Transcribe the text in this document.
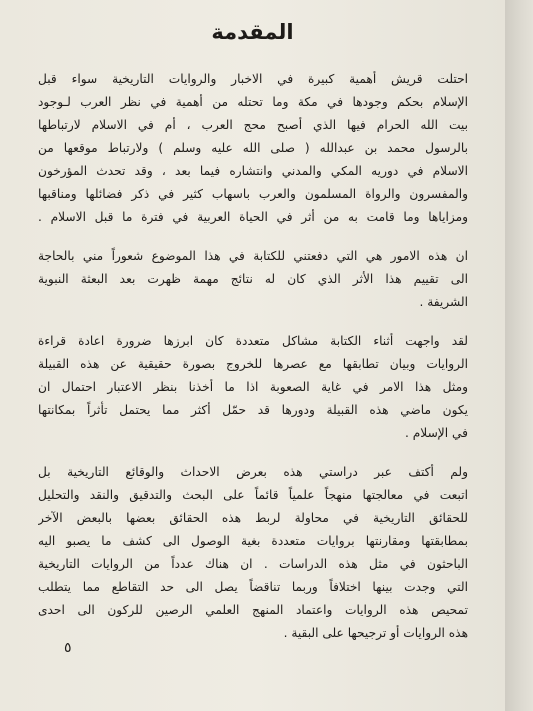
المقدمة
احتلت قريش أهمية كبيرة في الاخبار والروايات التاريخية سواء قبل
الإسلام بحكم وجودها في مكة وما تحتله من أهمية في نظر العرب لـوجود
بيت الله الحرام فيها الذي أصبح محج العرب ، أم في الاسلام لارتباطها
بالرسول محمد بن عبدالله ( صلى الله عليه وسلم ) ولارتباط موقعها من
الاسلام في دوريه المكي والمدني وانتشاره فيما بعد ، وقد تحدث المؤرخون
والمفسرون والرواة المسلمون والعرب باسهاب كثير في ذكر فضائلها ومناقبها
ومزاياها وما قامت به من أثر في الحياة العربية في فترة ما قبل الاسلام .
ان هذه الامور هي التي دفعتني للكتابة في هذا الموضوع شعوراً مني بالحاجة
الى تقييم هذا الأثر الذي كان له نتائج مهمة ظهرت بعد البعثة النبوية
الشريفة .
لقد واجهت أثناء الكتابة مشاكل متعددة كان ابرزها ضرورة اعادة قراءة
الروايات وبيان تطابقها مع عصرها للخروج بصورة حقيقية عن هذه القبيلة
ومثل هذا الامر في غاية الصعوبة اذا ما أخذنا بنظر الاعتبار احتمال ان
يكون ماضي هذه القبيلة ودورها قد حمّل أكثر مما يحتمل تأثراً بمكانتها
في الإسلام .
ولم أكتف عبر دراستي هذه بعرض الاحداث والوقائع التاريخية بل
اتبعت في معالجتها منهجاً علمياً قائماً على البحث والتدقيق والنقد والتحليل
للحقائق التاريخية في محاولة لربط هذه الحقائق بعضها بالبعض الآخر
بمطابقتها ومقارنتها بروايات متعددة بغية الوصول الى كشف ما يصبو اليه
الباحثون في مثل هذه الدراسات . ان هناك عدداً من الروايات التاريخية
التي وجدت بينها اختلافاً وربما تناقضاً يصل الى حد التقاطع مما يتطلب
تمحيص هذه الروايات واعتماد المنهج العلمي الرصين للركون الى احدى
هذه الروايات أو ترجيحها على البقية .
٥
